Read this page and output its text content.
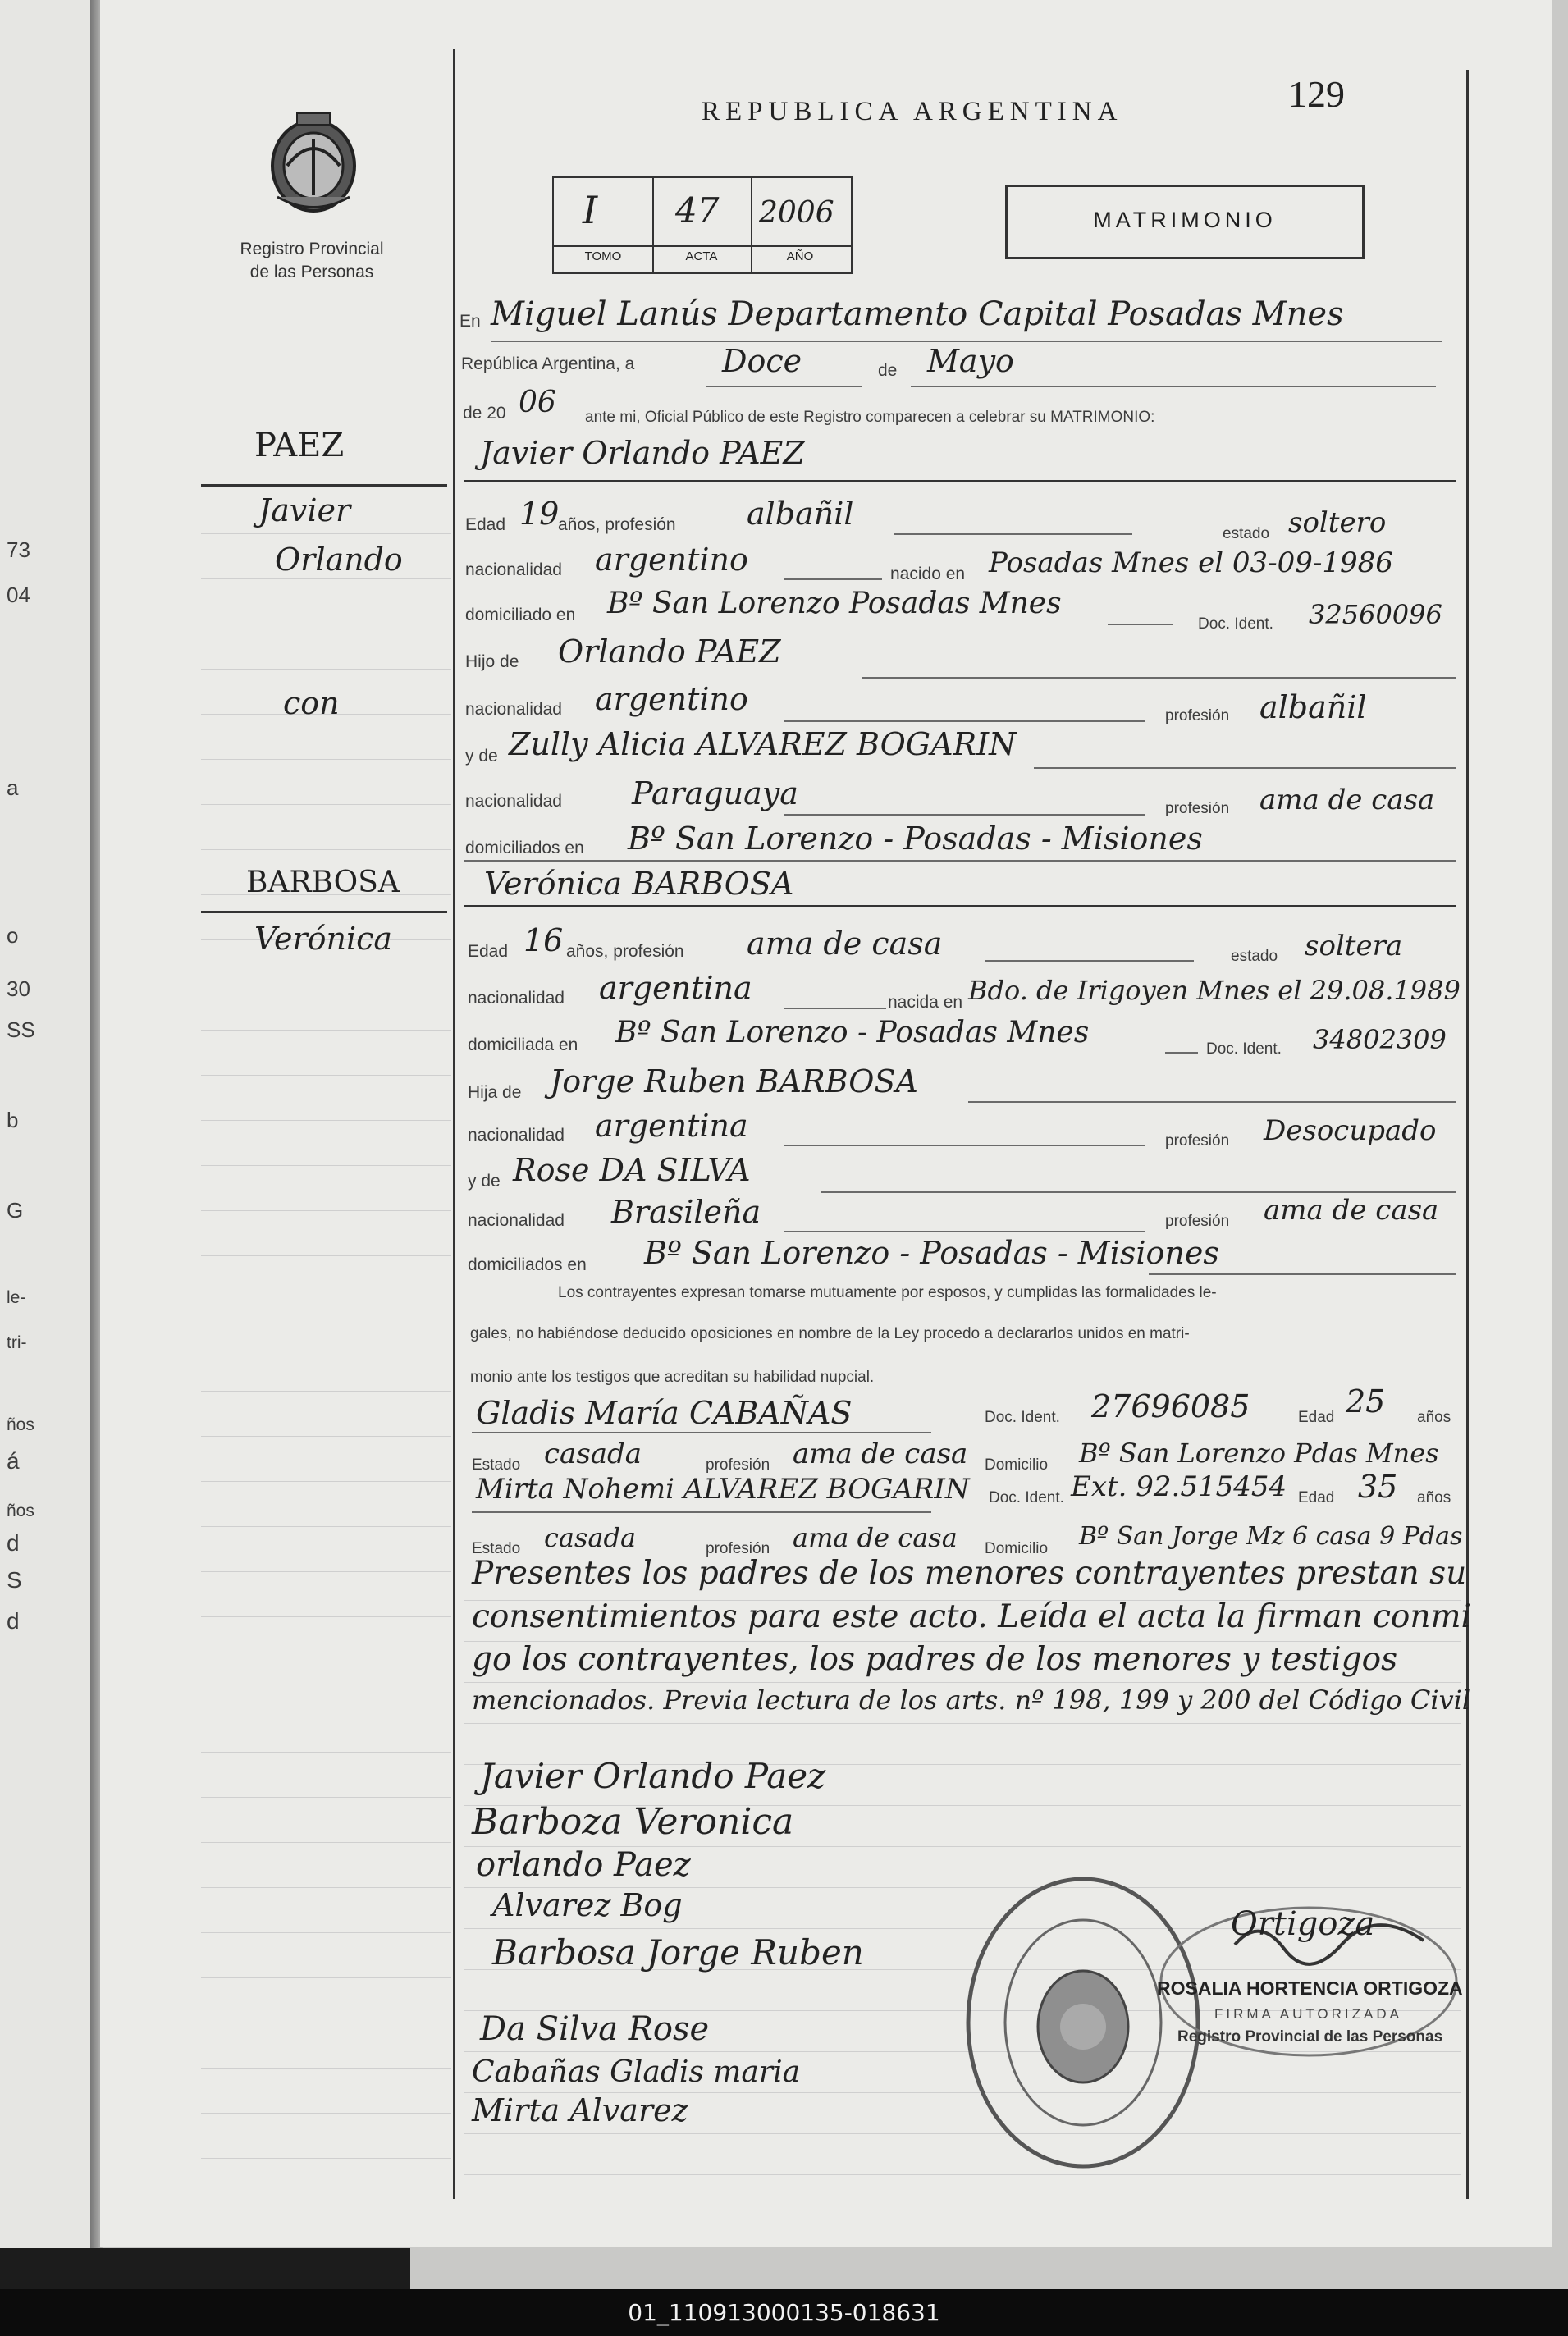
73
04
a
o
30
SS
b
G
le-
tri-
ños
á
ños
d
S
d
Registro Provincial
de las Personas
REPUBLICA ARGENTINA	129
I 47 2006
TOMO	ACTA	AÑO
MATRIMONIO
En Miguel Lanús Departamento Capital Posadas Mnes
República Argentina, a	Doce	de Mayo
de 20 06 ante mi, Oficial Público de este Registro comparecen a celebrar su MATRIMONIO:
PAEZ
Javier
Orlando
con
BARBOSA
Verónica
Javier Orlando PAEZ
Edad 19
años, profesión albañil
estado soltero
nacionalidad argentino	nacido en Posadas Mnes el 03-09-1986
domiciliado en Bº San Lorenzo Posadas Mnes
Doc. Ident. 32560096
Hijo de Orlando PAEZ
nacionalidad argentino	profesión albañil
y de Zully Alicia ALVAREZ BOGARIN
nacionalidad Paraguaya	profesión ama de casa
domiciliados en Bº San Lorenzo - Posadas - Misiones
Verónica BARBOSA
Edad 16 años, profesión ama de casa	estado soltera
nacionalidad argentina	nacida en Bdo. de Irigoyen Mnes el 29.08.1989
domiciliada en Bº San Lorenzo - Posadas Mnes	Doc. Ident. 34802309
Hija de Jorge Ruben BARBOSA
nacionalidad argentina	profesión Desocupado
y de Rose DA SILVA
nacionalidad Brasileña	profesión ama de casa
domiciliados en Bº San Lorenzo - Posadas - Misiones
Los contrayentes expresan tomarse mutuamente por esposos, y cumplidas las formalidades le-
gales, no habiéndose deducido oposiciones en nombre de la Ley procedo a declararlos unidos en matri-
monio ante los testigos que acreditan su habilidad nupcial.
Gladis María CABAÑAS	Doc. Ident. 27696085	Edad 25 años
Estado casada	profesión ama de casa Domicilio Bº San Lorenzo Pdas Mnes
Mirta Nohemi ALVAREZ BOGARIN Doc. Ident. Ext. 92.515454 Edad 35 años
Estado casada	profesión ama de casa Domicilio Bº San Jorge Mz 6 casa 9 Pdas
Presentes los padres de los menores contrayentes prestan su
consentimientos para este acto. Leída el acta la firman conmi
go los contrayentes, los padres de los menores y testigos
mencionados. Previa lectura de los arts. nº 198, 199 y 200 del Código Civil
Javier Orlando Paez
Barboza Veronica
orlando Paez
Alvarez Bog
Barbosa Jorge Ruben
Da Silva Rose
Cabañas Gladis maria
Mirta Alvarez
Ortigoza
ROSALIA HORTENCIA ORTIGOZA
FIRMA AUTORIZADA
Registro Provincial de las Personas
01_110913000135-018631
